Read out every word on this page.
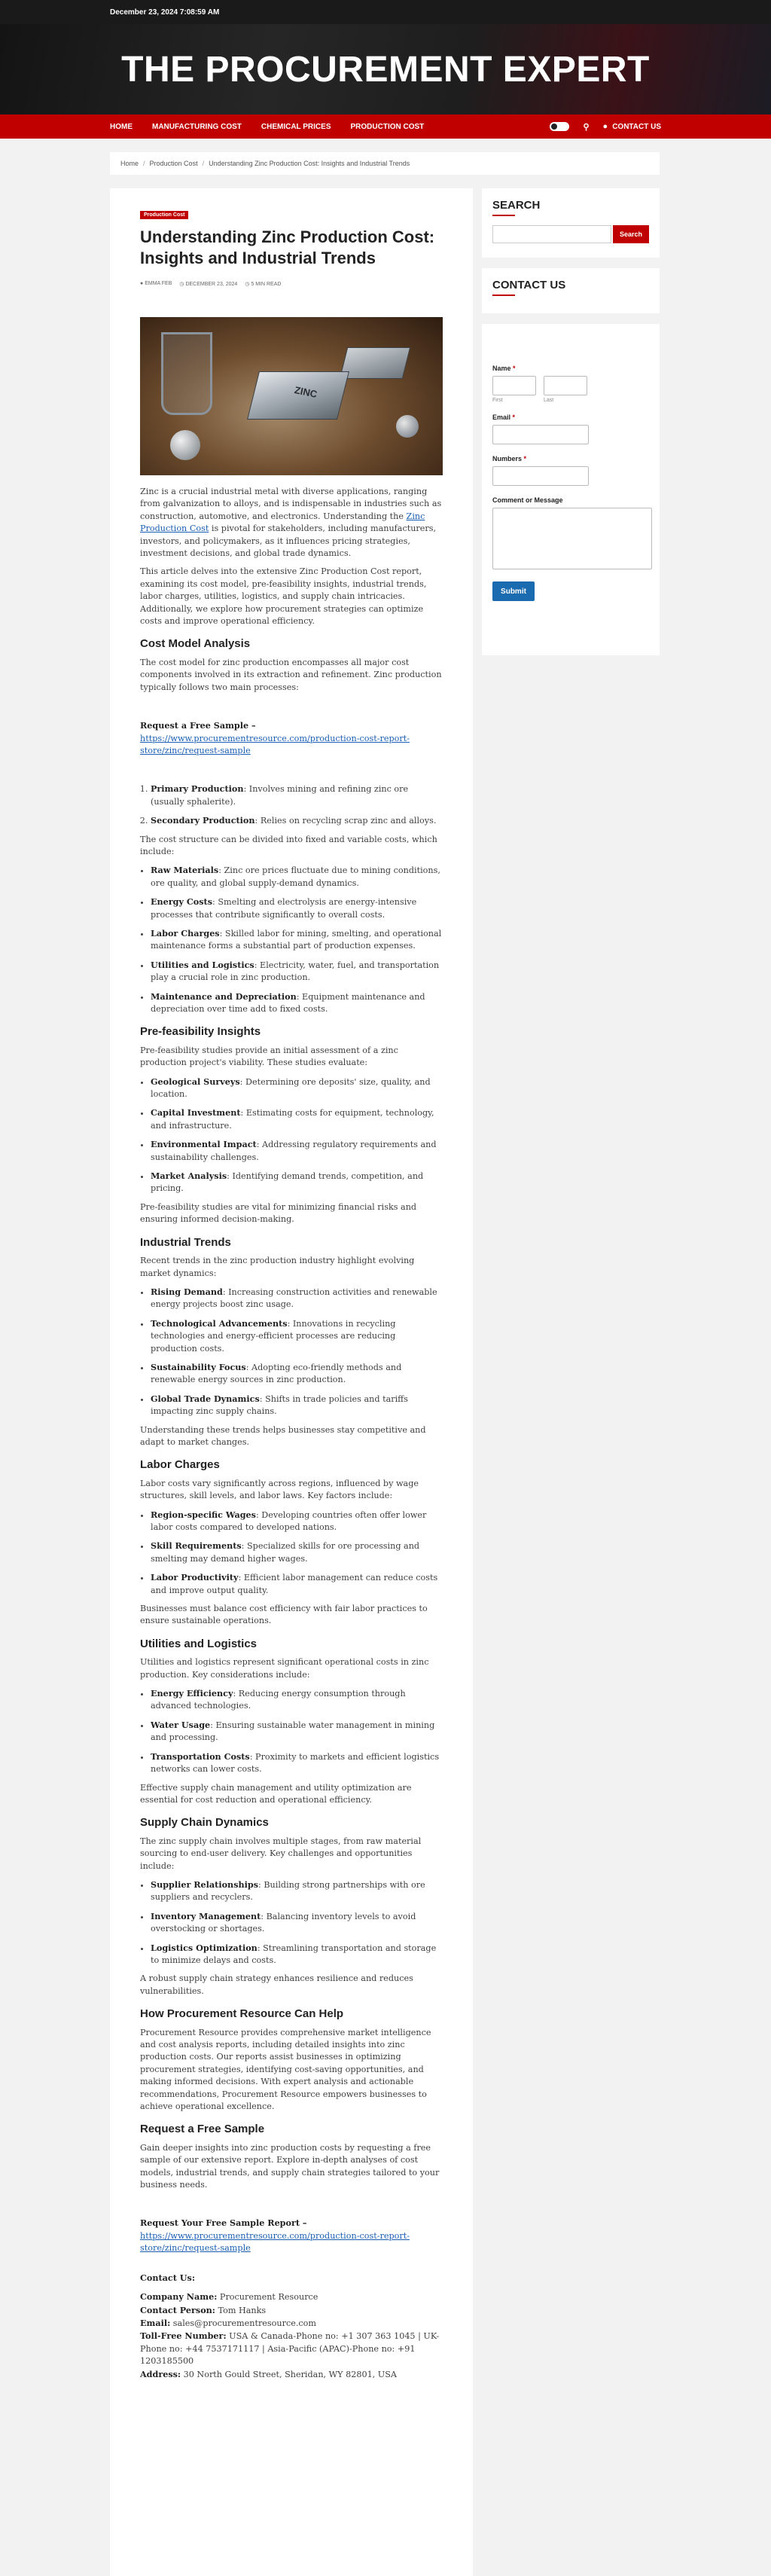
December 23, 2024 7:08:59 AM
THE PROCUREMENT EXPERT
HOME	MANUFACTURING COST	CHEMICAL PRICES	PRODUCTION COST	⚲ ● CONTACT US
Home / Production Cost / Understanding Zinc Production Cost: Insights and Industrial Trends
Production Cost
Understanding Zinc Production Cost: Insights and Industrial Trends
● EMMA FEB ◷ DECEMBER 23, 2024 ◷ 5 MIN READ
ZINC

Zinc is a crucial industrial metal with diverse applications, ranging from galvanization to alloys, and is indispensable in industries such as construction, automotive, and electronics. Understanding the Zinc Production Cost is pivotal for stakeholders, including manufacturers, investors, and policymakers, as it influences pricing strategies, investment decisions, and global trade dynamics.

This article delves into the extensive Zinc Production Cost report, examining its cost model, pre-feasibility insights, industrial trends, labor charges, utilities, logistics, and supply chain intricacies. Additionally, we explore how procurement strategies can optimize costs and improve operational efficiency.

Cost Model Analysis

The cost model for zinc production encompasses all major cost components involved in its extraction and refinement. Zinc production typically follows two main processes:

Request a Free Sample –
https://www.procurementresource.com/production-cost-report-store/zinc/request-sample

1. Primary Production: Involves mining and refining zinc ore (usually sphalerite).
2. Secondary Production: Relies on recycling scrap zinc and alloys.

The cost structure can be divided into fixed and variable costs, which include:

• Raw Materials: Zinc ore prices fluctuate due to mining conditions, ore quality, and global supply-demand dynamics.
• Energy Costs: Smelting and electrolysis are energy-intensive processes that contribute significantly to overall costs.
• Labor Charges: Skilled labor for mining, smelting, and operational maintenance forms a substantial part of production expenses.
• Utilities and Logistics: Electricity, water, fuel, and transportation play a crucial role in zinc production.
• Maintenance and Depreciation: Equipment maintenance and depreciation over time add to fixed costs.
Pre-feasibility Insights

Pre-feasibility studies provide an initial assessment of a zinc production project's viability. These studies evaluate:

• Geological Surveys: Determining ore deposits' size, quality, and location.
• Capital Investment: Estimating costs for equipment, technology, and infrastructure.
• Environmental Impact: Addressing regulatory requirements and sustainability challenges.
• Market Analysis: Identifying demand trends, competition, and pricing.

Pre-feasibility studies are vital for minimizing financial risks and ensuring informed decision-making.

Industrial Trends

Recent trends in the zinc production industry highlight evolving market dynamics:

• Rising Demand: Increasing construction activities and renewable energy projects boost zinc usage.
• Technological Advancements: Innovations in recycling technologies and energy-efficient processes are reducing production costs.
• Sustainability Focus: Adopting eco-friendly methods and renewable energy sources in zinc production.
• Global Trade Dynamics: Shifts in trade policies and tariffs impacting zinc supply chains.

Understanding these trends helps businesses stay competitive and adapt to market changes.

Labor Charges

Labor costs vary significantly across regions, influenced by wage structures, skill levels, and labor laws. Key factors include:

• Region-specific Wages: Developing countries often offer lower labor costs compared to developed nations.
• Skill Requirements: Specialized skills for ore processing and smelting may demand higher wages.
• Labor Productivity: Efficient labor management can reduce costs and improve output quality.

Businesses must balance cost efficiency with fair labor practices to ensure sustainable operations.

Utilities and Logistics

Utilities and logistics represent significant operational costs in zinc production. Key considerations include:

• Energy Efficiency: Reducing energy consumption through advanced technologies.
• Water Usage: Ensuring sustainable water management in mining and processing.
• Transportation Costs: Proximity to markets and efficient logistics networks can lower costs.

Effective supply chain management and utility optimization are essential for cost reduction and operational efficiency.

Supply Chain Dynamics

The zinc supply chain involves multiple stages, from raw material sourcing to end-user delivery. Key challenges and opportunities include:

• Supplier Relationships: Building strong partnerships with ore suppliers and recyclers.
• Inventory Management: Balancing inventory levels to avoid overstocking or shortages.
• Logistics Optimization: Streamlining transportation and storage to minimize delays and costs.

A robust supply chain strategy enhances resilience and reduces vulnerabilities.

How Procurement Resource Can Help

Procurement Resource provides comprehensive market intelligence and cost analysis reports, including detailed insights into zinc production costs. Our reports assist businesses in optimizing procurement strategies, identifying cost-saving opportunities, and making informed decisions. With expert analysis and actionable recommendations, Procurement Resource empowers businesses to achieve operational excellence.

Request a Free Sample

Gain deeper insights into zinc production costs by requesting a free sample of our extensive report. Explore in-depth analyses of cost models, industrial trends, and supply chain strategies tailored to your business needs.

Request Your Free Sample Report –
https://www.procurementresource.com/production-cost-report-store/zinc/request-sample

Contact Us:

Company Name: Procurement Resource
Contact Person: Tom Hanks
Email: sales@procurementresource.com
Toll-Free Number: USA & Canada-Phone no: +1 307 363 1045 | UK-Phone no: +44 7537171117 | Asia-Pacific (APAC)-Phone no: +91 1203185500
Address: 30 North Gould Street, Sheridan, WY 82801, USA

SEARCH
Search
CONTACT US
Name *
First	Last
Email *
Numbers *
Comment or Message
Submit
